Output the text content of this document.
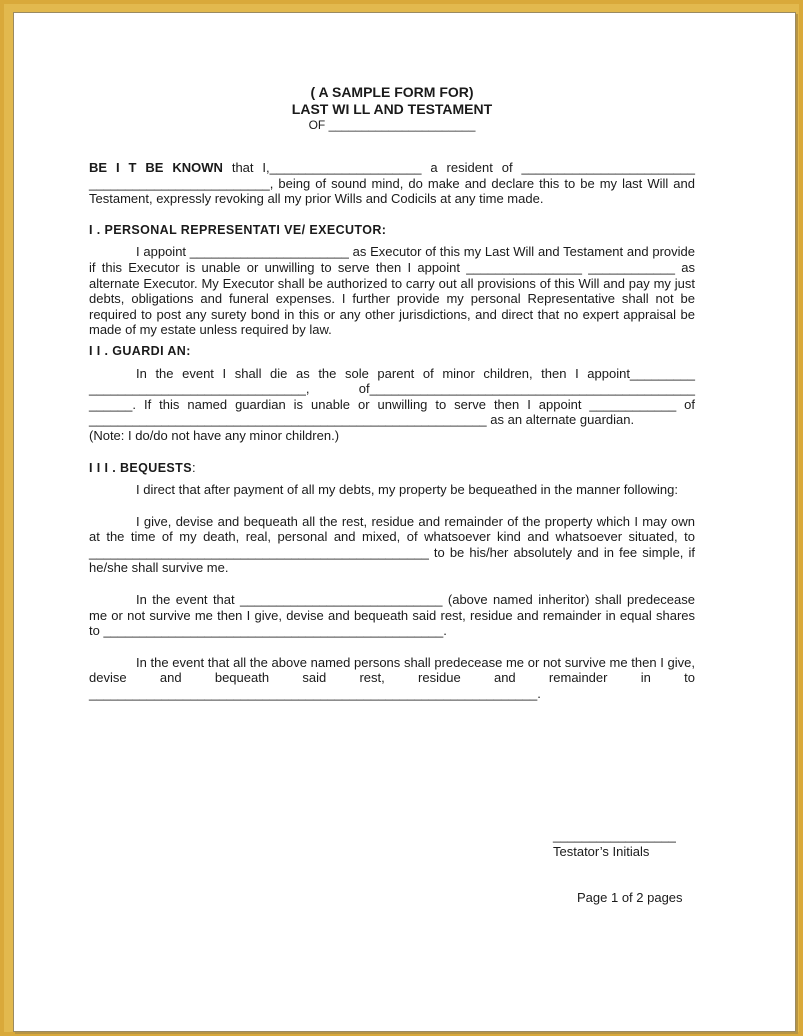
( A SAMPLE FORM FOR)
LAST WI LL AND TESTAMENT
OF ______________________

BE I T BE KNOWN that I,_____________________ a resident of ________________________ _________________________, being of sound mind, do make and declare this to be my last Will and Testament, expressly revoking all my prior Wills and Codicils at any time made.

I . PERSONAL REPRESENTATI VE/ EXECUTOR:

I appoint ______________________ as Executor of this my Last Will and Testament and provide if this Executor is unable or unwilling to serve then I appoint ________________ ____________ as alternate Executor. My Executor shall be authorized to carry out all provisions of this Will and pay my just debts, obligations and funeral expenses. I further provide my personal Representative shall not be required to post any surety bond in this or any other jurisdictions, and direct that no expert appraisal be made of my estate unless required by law.

I I . GUARDI AN:

In the event I shall die as the sole parent of minor children, then I appoint_________ ______________________________, of_____________________________________________ ______. If this named guardian is unable or unwilling to serve then I appoint ____________ of _______________________________________________________ as an alternate guardian.

(Note: I do/do not have any minor children.)

I I I . BEQUESTS:

I direct that after payment of all my debts, my property be bequeathed in the manner following:

I give, devise and bequeath all the rest, residue and remainder of the property which I may own at the time of my death, real, personal and mixed, of whatsoever kind and whatsoever situated, to _______________________________________________ to be his/her absolutely and in fee simple, if he/she shall survive me.

In the event that ____________________________ (above named inheritor) shall predecease me or not survive me then I give, devise and bequeath said rest, residue and remainder in equal shares to _______________________________________________.

In the event that all the above named persons shall predecease me or not survive me then I give, devise and bequeath said rest, residue and remainder in to ______________________________________________________________.

_________________
Testator’s Initials
Page 1 of 2 pages
